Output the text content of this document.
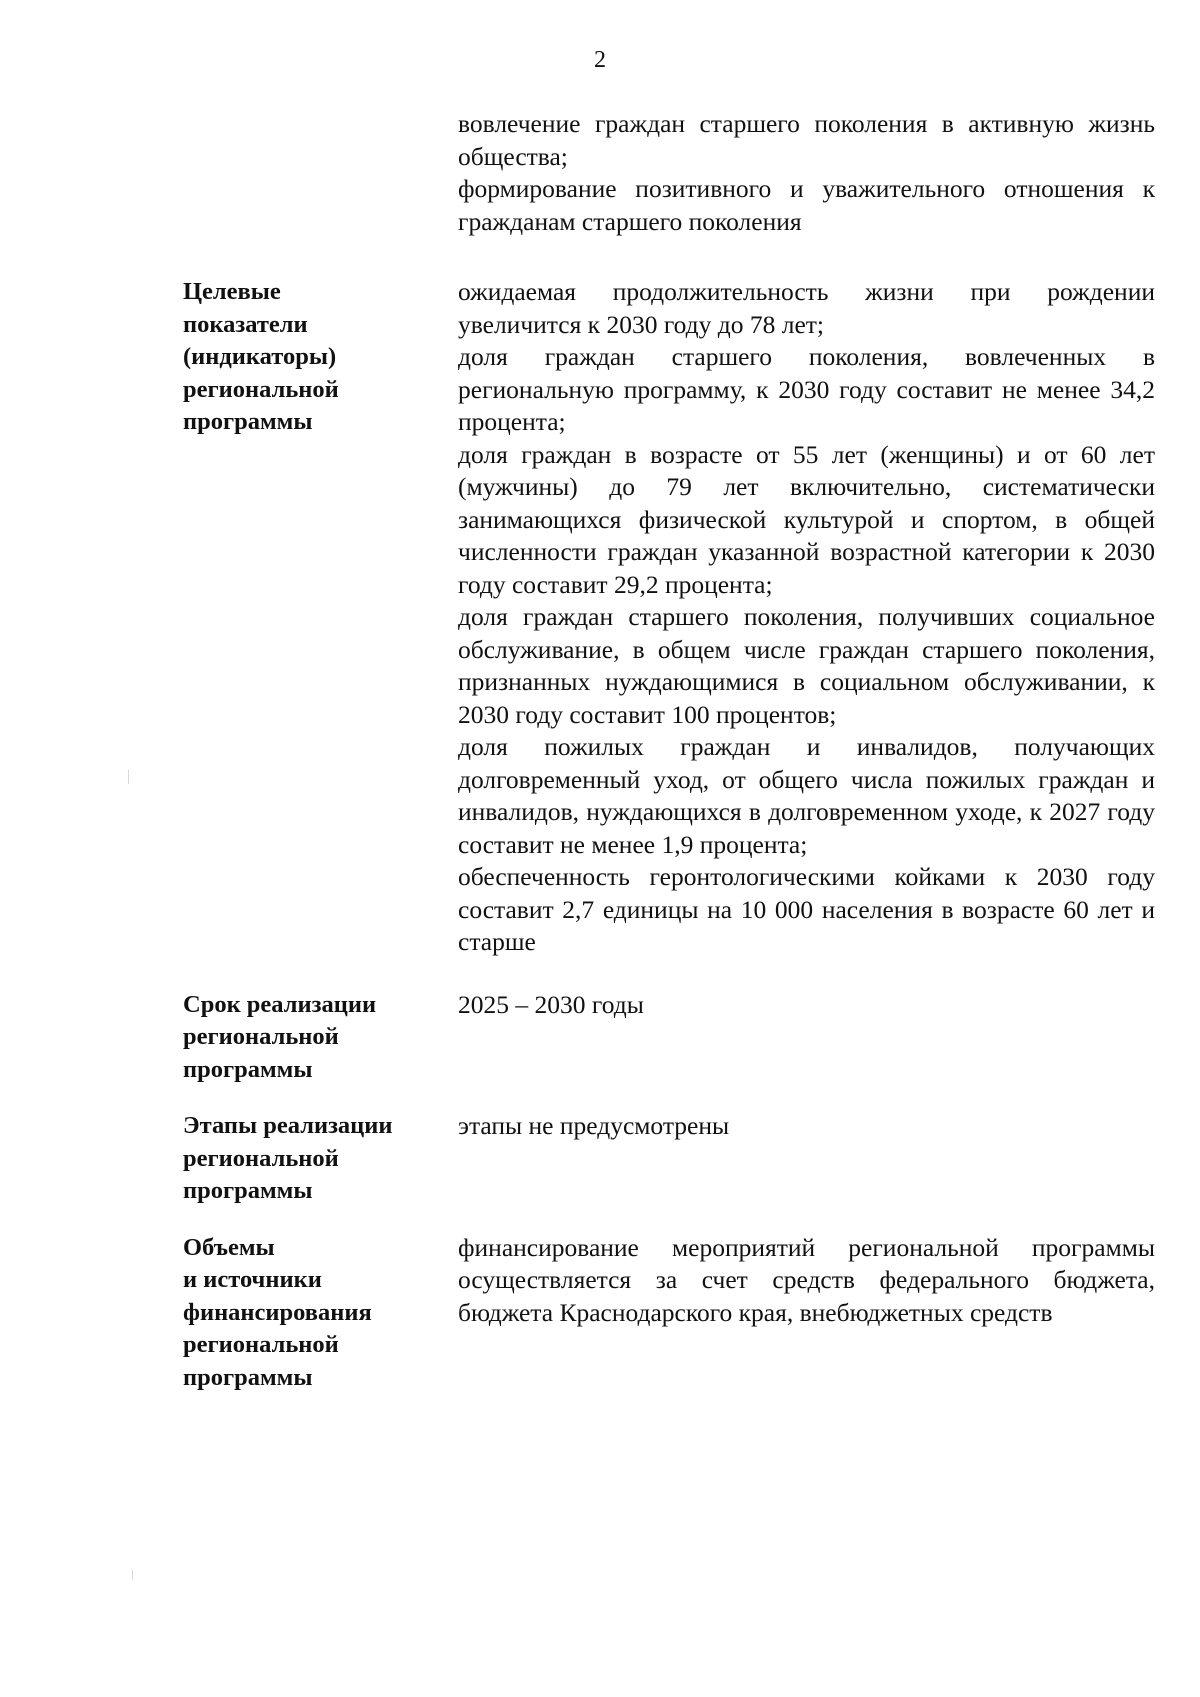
2

вовлечение граждан старшего поколения в активную жизнь общества;

формирование позитивного и уважительного отношения к гражданам старшего поколения

Целевые
показатели
(индикаторы)
региональной
программы

ожидаемая продолжительность жизни при рождении увеличится к 2030 году до 78 лет;

доля граждан старшего поколения, вовлеченных в региональную программу, к 2030 году составит не менее 34,2 процента;

доля граждан в возрасте от 55 лет (женщины) и от 60 лет (мужчины) до 79 лет включительно, систематически занимающихся физической культурой и спортом, в общей численности граждан указанной возрастной категории к 2030 году составит 29,2 процента;

доля граждан старшего поколения, получивших социальное обслуживание, в общем числе граждан старшего поколения, признанных нуждающимися в социальном обслуживании, к 2030 году составит 100 процентов;

доля пожилых граждан и инвалидов, получающих долговременный уход, от общего числа пожилых граждан и инвалидов, нуждающихся в долговременном уходе, к 2027 году составит не менее 1,9 процента;

обеспеченность геронтологическими койками к 2030 году составит 2,7 единицы на 10 000 населения в возрасте 60 лет и старше

Срок реализации
региональной
программы

2025 – 2030 годы

Этапы реализации
региональной
программы

этапы не предусмотрены

Объемы
и источники
финансирования
региональной
программы

финансирование мероприятий региональной программы осуществляется за счет средств федерального бюджета, бюджета Краснодарского края, внебюджетных средств
